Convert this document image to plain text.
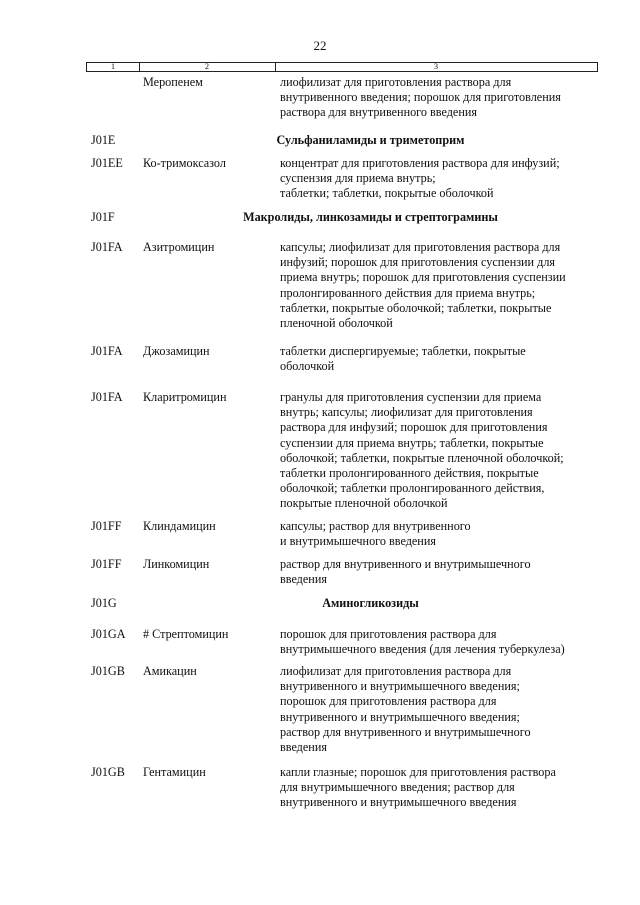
22
1	2	3
Меропенем	лиофилизат для приготовления раствора для
внутривенного введения; порошок для приготовления
раствора для внутривенного введения
J01E	Сульфаниламиды и триметоприм
J01EE	Ко-тримоксазол	концентрат для приготовления раствора для инфузий;
суспензия для приема внутрь;
таблетки; таблетки, покрытые оболочкой
J01F	Макролиды, линкозамиды и стрептограмины
J01FA	Азитромицин	капсулы; лиофилизат для приготовления раствора для
инфузий; порошок для приготовления суспензии для
приема внутрь; порошок для приготовления суспензии
пролонгированного действия для приема внутрь;
таблетки, покрытые оболочкой; таблетки, покрытые
пленочной оболочкой
J01FA	Джозамицин	таблетки диспергируемые; таблетки, покрытые
оболочкой
J01FA	Кларитромицин	гранулы для приготовления суспензии для приема
внутрь; капсулы; лиофилизат для приготовления
раствора для инфузий; порошок для приготовления
суспензии для приема внутрь; таблетки, покрытые
оболочкой; таблетки, покрытые пленочной оболочкой;
таблетки пролонгированного действия, покрытые
оболочкой; таблетки пролонгированного действия,
покрытые пленочной оболочкой
J01FF	Клиндамицин	капсулы; раствор для внутривенного
и внутримышечного введения
J01FF	Линкомицин	раствор для внутривенного и внутримышечного
введения
J01G	Аминогликозиды
J01GA	# Стрептомицин	порошок для приготовления раствора для
внутримышечного введения (для лечения туберкулеза)
J01GB	Амикацин	лиофилизат для приготовления раствора для
внутривенного и внутримышечного введения;
порошок для приготовления раствора для
внутривенного и внутримышечного введения;
раствор для внутривенного и внутримышечного
введения
J01GB	Гентамицин	капли глазные; порошок для приготовления раствора
для внутримышечного введения; раствор для
внутривенного и внутримышечного введения
